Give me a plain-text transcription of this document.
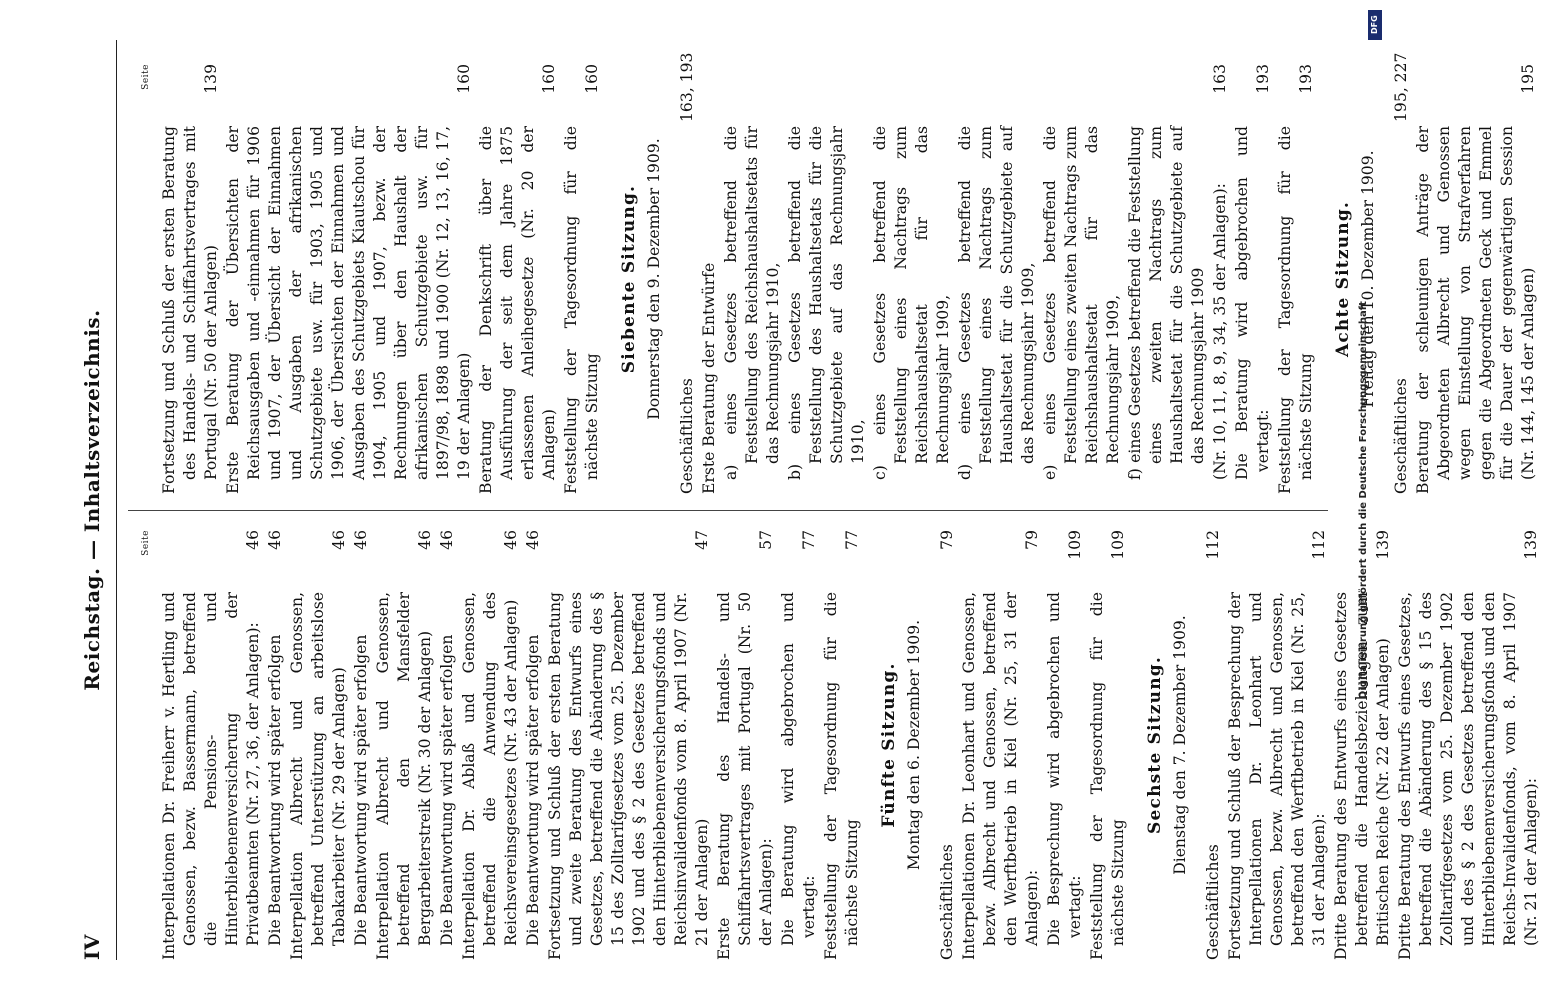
IV
Reichstag. — Inhaltsverzeichnis.	Seite
Interpellationen Dr. Freiherr v. Hertling und Genossen, bezw. Bassermann, betreffend die Pensions- und Hinterbliebenenversicherung der Privatbeamten (Nr. 27, 36, der Anlagen):
46
Die Beantwortung wird später erfolgen
46
Interpellation Albrecht und Genossen, betreffend Unterstützung an arbeitslose Tabakarbeiter (Nr. 29 der Anlagen)
46
Die Beantwortung wird später erfolgen
46
Interpellation Albrecht und Genossen, betreffend den Mansfelder Bergarbeiterstreik (Nr. 30 der Anlagen)
46
Die Beantwortung wird später erfolgen
46
Interpellation Dr. Ablaß und Genossen, betreffend die Anwendung des Reichsvereinsgesetzes (Nr. 43 der Anlagen)
46
Die Beantwortung wird später erfolgen
46
Fortsetzung und Schluß der ersten Beratung und zweite Beratung des Entwurfs eines Gesetzes, betreffend die Abänderung des § 15 des Zolltarifgesetzes vom 25. Dezember 1902 und des § 2 des Gesetzes betreffend den Hinterbliebenenversicherungsfonds und Reichsinvalidenfonds vom 8. April 1907 (Nr. 21 der Anlagen)
47
Erste Beratung des Handels- und Schiffahrtsvertrages mit Portugal (Nr. 50 der Anlagen):
57
Die Beratung wird abgebrochen und vertagt:
77
Feststellung der Tagesordnung für die nächste Sitzung
77
Fünfte Sitzung. Montag den 6. Dezember 1909.
Geschäftliches
79
Interpellationen Dr. Leonhart und Genossen, bezw. Albrecht und Genossen, betreffend den Werftbetrieb in Kiel (Nr. 25, 31 der Anlagen):
79
Die Besprechung wird abgebrochen und vertagt:
109
Feststellung der Tagesordnung für die nächste Sitzung
109
Sechste Sitzung. Dienstag den 7. Dezember 1909.
Geschäftliches
112
Fortsetzung und Schluß der Besprechung der Interpellationen Dr. Leonhart und Genossen, bezw. Albrecht und Genossen, betreffend den Werftbetrieb in Kiel (Nr. 25, 31 der Anlagen):
112
Dritte Beratung des Entwurfs eines Gesetzes betreffend die Handelsbeziehungen zum Britischen Reiche (Nr. 22 der Anlagen)
139
Dritte Beratung des Entwurfs eines Gesetzes, betreffend die Abänderung des § 15 des Zolltarifgesetzes vom 25. Dezember 1902 und des § 2 des Gesetzes betreffend den Hinterbliebenenversicherungsfonds und den Reichs-Invalidenfonds, vom 8. April 1907 (Nr. 21 der Anlagen):
139
Seite
Fortsetzung und Schluß der ersten Beratung des Handels- und Schiffahrtsvertrages mit Portugal (Nr. 50 der Anlagen)
139
Erste Beratung der Übersichten der Reichsausgaben und -einnahmen für 1906 und 1907, der Übersicht der Einnahmen und Ausgaben der afrikanischen Schutzgebiete usw. für 1903, 1905 und 1906, der Übersichten der Einnahmen und Ausgaben des Schutzgebiets Kiautschou für 1904, 1905 und 1907, bezw. der Rechnungen über den Haushalt der afrikanischen Schutzgebiete usw. für 1897/98, 1898 und 1900 (Nr. 12, 13, 16, 17, 19 der Anlagen)
160
Beratung der Denkschrift über die Ausführung der seit dem Jahre 1875 erlassenen Anleihegesetze (Nr. 20 der Anlagen)
160
Feststellung der Tagesordnung für die nächste Sitzung
160
Siebente Sitzung. Donnerstag den 9. Dezember 1909.
Geschäftliches
163, 193
Erste Beratung der Entwürfe a) eines Gesetzes betreffend die Feststellung des Reichshaushaltsetats für das Rechnungsjahr 1910, b) eines Gesetzes betreffend die Feststellung des Haushaltsetats für die Schutzgebiete auf das Rechnungsjahr 1910, c) eines Gesetzes betreffend die Feststellung eines Nachtrags zum Reichshaushaltsetat für das Rechnungsjahr 1909, d) eines Gesetzes betreffend die Feststellung eines Nachtrags zum Haushaltsetat für die Schutzgebiete auf das Rechnungsjahr 1909, e) eines Gesetzes betreffend die Feststellung eines zweiten Nachtrags zum Reichshaushaltsetat für das Rechnungsjahr 1909, f) eines Gesetzes betreffend die Feststellung eines zweiten Nachtrags zum Haushaltsetat für die Schutzgebiete auf das Rechnungsjahr 1909 (Nr. 10, 11, 8, 9, 34, 35 der Anlagen):
163
Die Beratung wird abgebrochen und vertagt:
193
Feststellung der Tagesordnung für die nächste Sitzung
193
Achte Sitzung. Freitag den 10. Dezember 1909.
Geschäftliches
195, 227
Beratung der schleunigen Anträge der Abgeordneten Albrecht und Genossen wegen Einstellung von Strafverfahren gegen die Abgeordneten Geck und Emmel für die Dauer der gegenwärtigen Session (Nr. 144, 145 der Anlagen)
195
Digitalisierung gefördert durch die Deutsche Forschungsgemeinschaft
DFG
